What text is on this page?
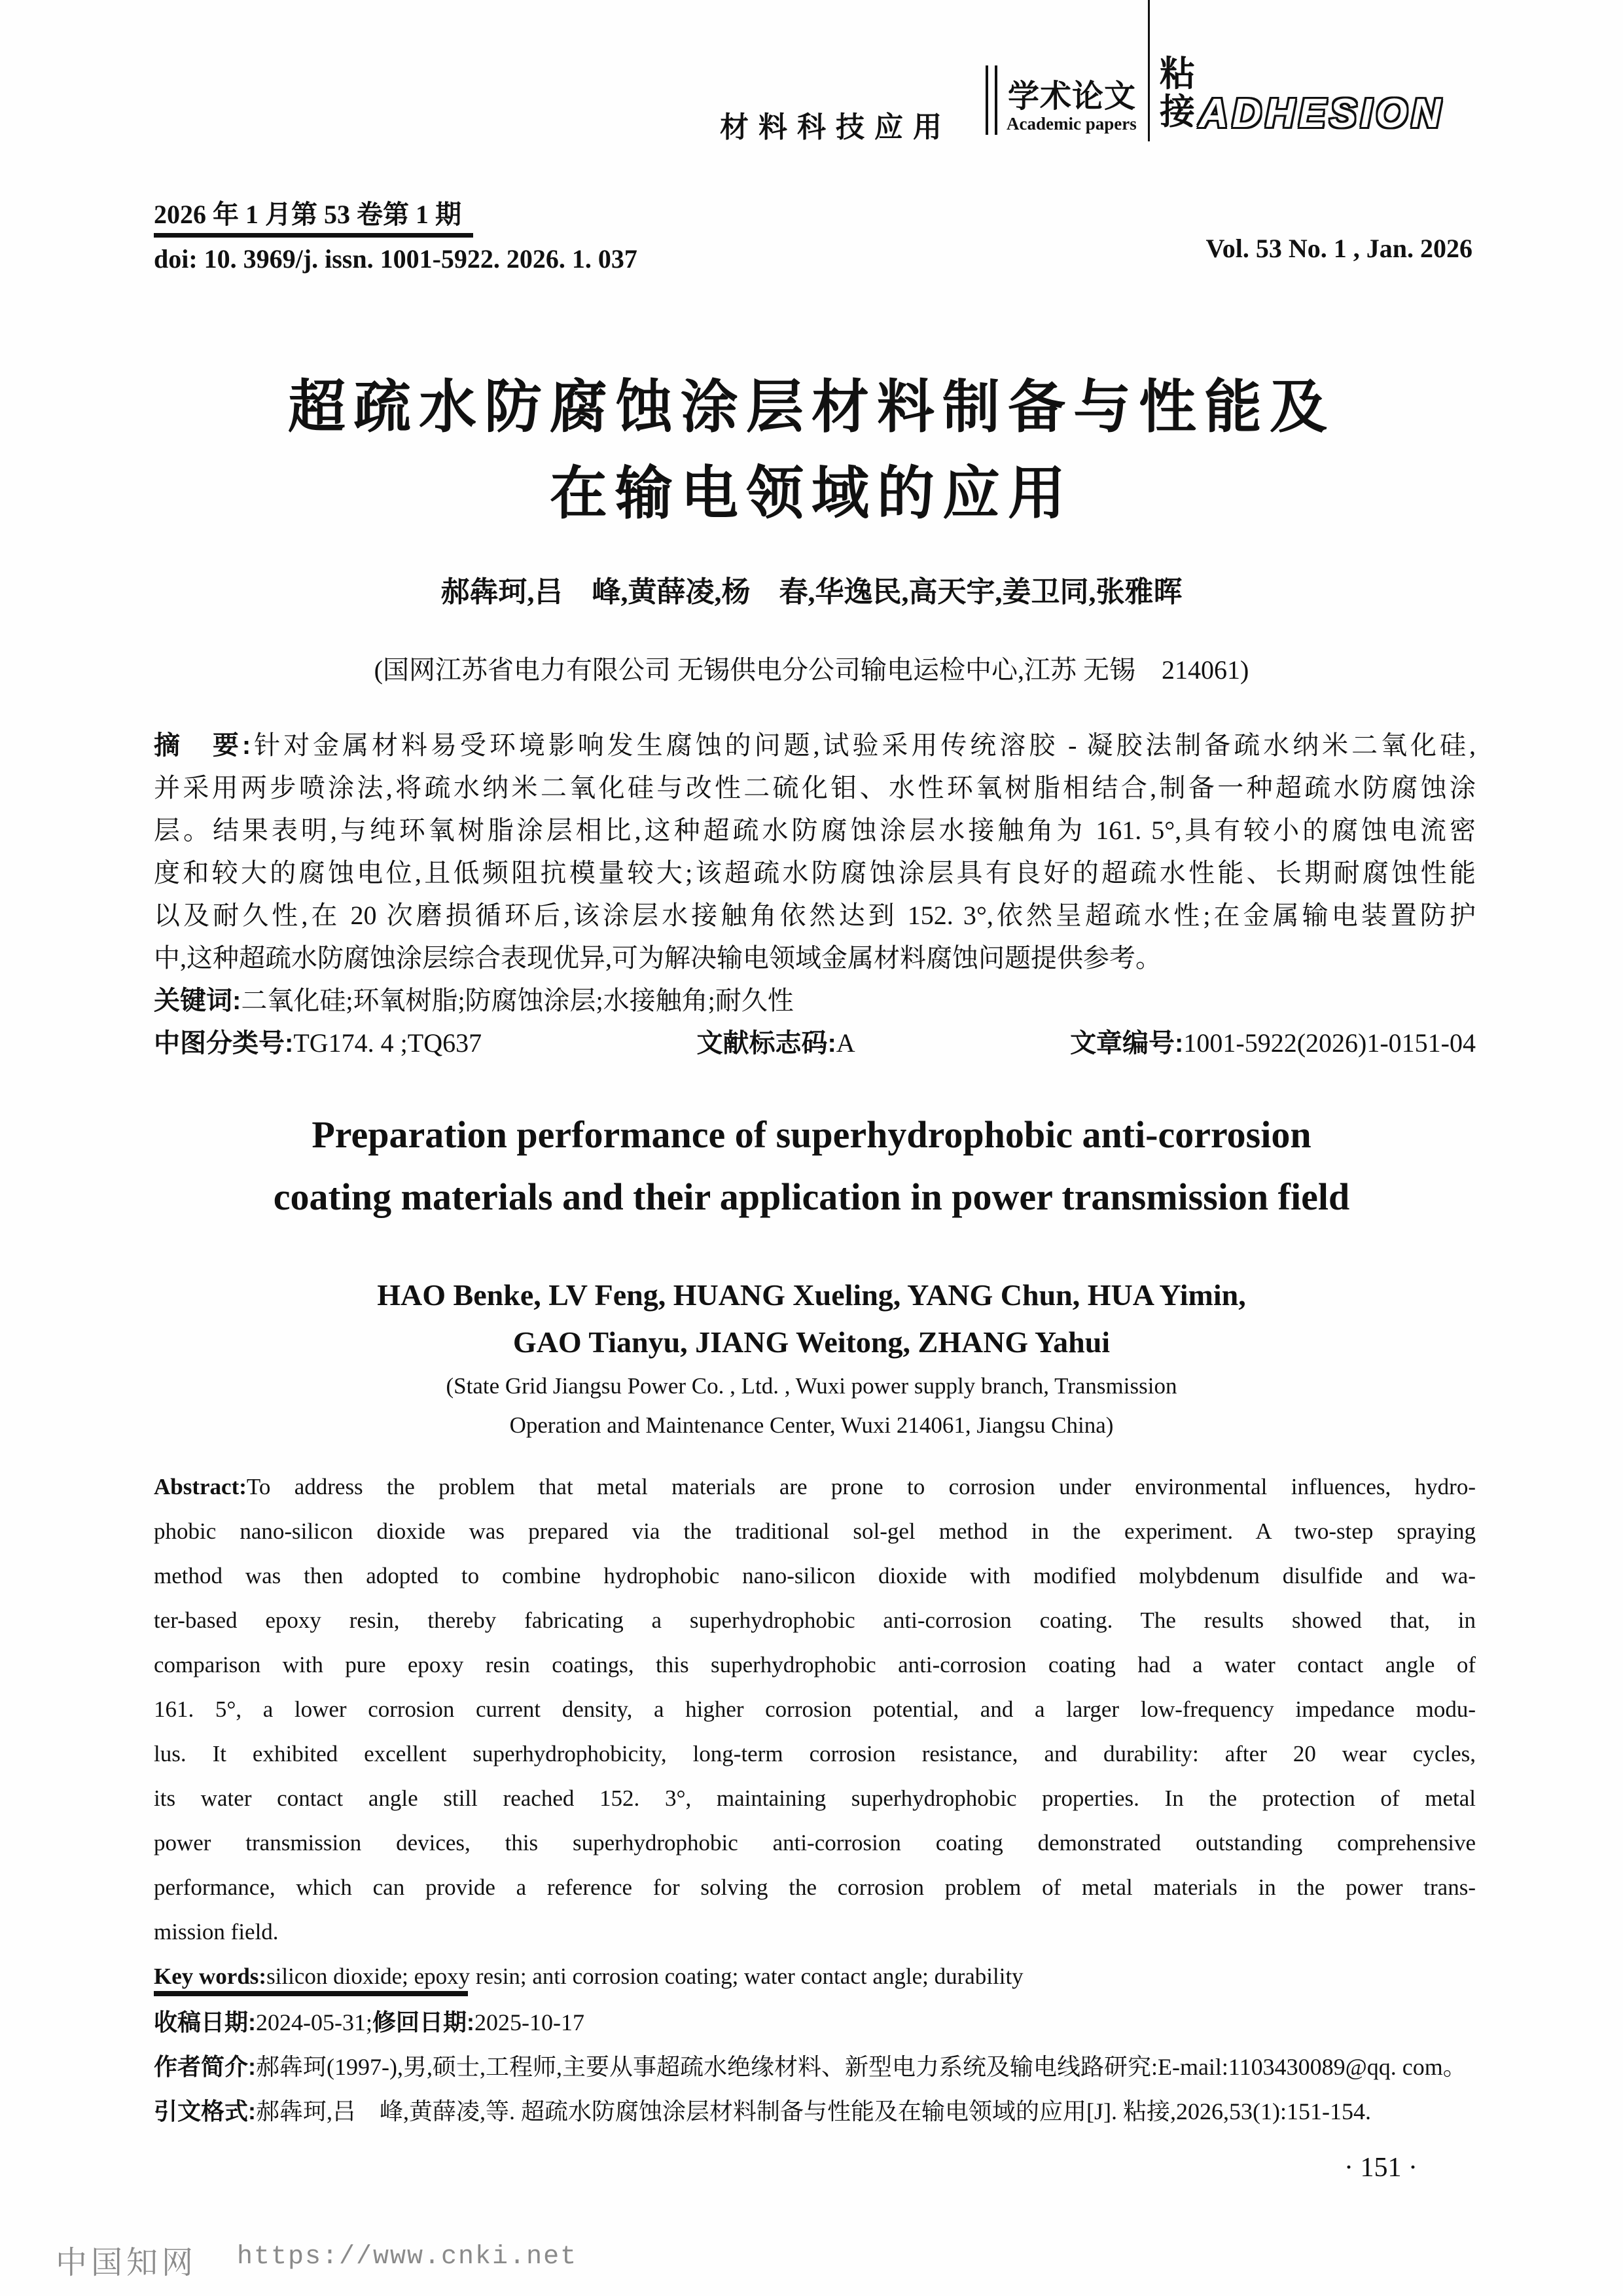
材料科技应用
学术论文
Academic papers
粘
接 ADHESION
2026 年 1 月第 53 卷第 1 期
doi: 10. 3969/j. issn. 1001-5922. 2026. 1. 037	Vol. 53 No. 1 , Jan. 2026
超疏水防腐蚀涂层材料制备与性能及
在输电领域的应用
郝犇珂,吕　峰,黄薛凌,杨　春,华逸民,高天宇,姜卫同,张雅晖
(国网江苏省电力有限公司 无锡供电分公司输电运检中心,江苏 无锡　214061)
摘　要:针对金属材料易受环境影响发生腐蚀的问题,试验采用传统溶胶 - 凝胶法制备疏水纳米二氧化硅,
并采用两步喷涂法,将疏水纳米二氧化硅与改性二硫化钼、水性环氧树脂相结合,制备一种超疏水防腐蚀涂
层。结果表明,与纯环氧树脂涂层相比,这种超疏水防腐蚀涂层水接触角为 161. 5°,具有较小的腐蚀电流密
度和较大的腐蚀电位,且低频阻抗模量较大;该超疏水防腐蚀涂层具有良好的超疏水性能、长期耐腐蚀性能
以及耐久性,在 20 次磨损循环后,该涂层水接触角依然达到 152. 3°,依然呈超疏水性;在金属输电装置防护
中,这种超疏水防腐蚀涂层综合表现优异,可为解决输电领域金属材料腐蚀问题提供参考。
关键词:二氧化硅;环氧树脂;防腐蚀涂层;水接触角;耐久性
中图分类号:TG174. 4 ;TQ637	文献标志码:A	文章编号:1001-5922(2026)1-0151-04
Preparation performance of superhydrophobic anti-corrosion
coating materials and their application in power transmission field
HAO Benke, LV Feng, HUANG Xueling, YANG Chun, HUA Yimin,
GAO Tianyu, JIANG Weitong, ZHANG Yahui
(State Grid Jiangsu Power Co. , Ltd. , Wuxi power supply branch, Transmission
Operation and Maintenance Center, Wuxi 214061, Jiangsu China)
Abstract:To address the problem that metal materials are prone to corrosion under environmental influences, hydro-
phobic nano-silicon dioxide was prepared via the traditional sol-gel method in the experiment. A two-step spraying
method was then adopted to combine hydrophobic nano-silicon dioxide with modified molybdenum disulfide and wa-
ter-based epoxy resin, thereby fabricating a superhydrophobic anti-corrosion coating. The results showed that, in
comparison with pure epoxy resin coatings, this superhydrophobic anti-corrosion coating had a water contact angle of
161. 5°, a lower corrosion current density, a higher corrosion potential, and a larger low-frequency impedance modu-
lus. It exhibited excellent superhydrophobicity, long-term corrosion resistance, and durability: after 20 wear cycles,
its water contact angle still reached 152. 3°, maintaining superhydrophobic properties. In the protection of metal
power transmission devices, this superhydrophobic anti-corrosion coating demonstrated outstanding comprehensive
performance, which can provide a reference for solving the corrosion problem of metal materials in the power trans-
mission field.
Key words:silicon dioxide; epoxy resin; anti corrosion coating; water contact angle; durability
收稿日期:2024-05-31;修回日期:2025-10-17
作者简介:郝犇珂(1997-),男,硕士,工程师,主要从事超疏水绝缘材料、新型电力系统及输电线路研究:E-mail:1103430089@qq. com。
引文格式:郝犇珂,吕　峰,黄薛凌,等. 超疏水防腐蚀涂层材料制备与性能及在输电领域的应用[J]. 粘接,2026,53(1):151-154.
· 151 ·
中国知网 https://www.cnki.net
